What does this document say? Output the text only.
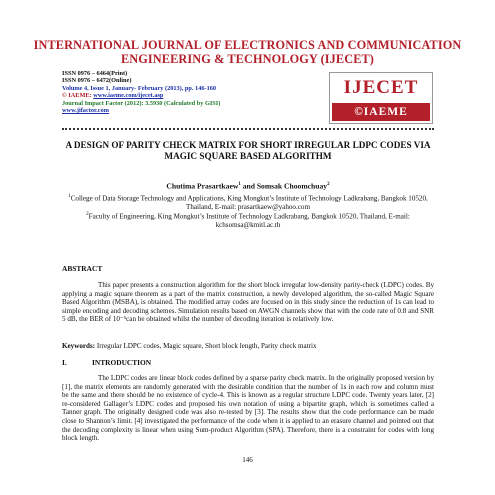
INTERNATIONAL JOURNAL OF ELECTRONICS AND COMMUNICATION ENGINEERING & TECHNOLOGY (IJECET)
ISSN 0976 – 6464(Print)
ISSN 0976 – 6472(Online)
Volume 4, Issue 1, January- February (2013), pp. 146-160
© IAEME: www.iaeme.com/ijecet.asp
Journal Impact Factor (2012): 3.5930 (Calculated by GISI)
www.jifactor.com
IJECET
©IAEME
A DESIGN OF PARITY CHECK MATRIX FOR SHORT IRREGULAR LDPC CODES VIA MAGIC SQUARE BASED ALGORITHM
Chutima Prasartkaew$^1$ and Somsak Choomchuay$^2$
$^1$College of Data Storage Technology and Applications, King Mongkut’s Institute of Technology Ladkrabang, Bangkok 10520, Thailand, E-mail: prasartkaew@yahoo.com
$^2$Faculty of Engineering, King Mongkut’s Institute of Technology Ladkrabang, Bangkok 10520, Thailand, E-mail: kchsomsa@kmitl.ac.th
ABSTRACT
This paper presents a construction algorithm for the short block irregular low-density parity-check (LDPC) codes. By applying a magic square theorem as a part of the matrix construction, a newly developed algorithm, the so-called Magic Square Based Algorithm (MSBA), is obtained. The modified array codes are focused on in this study since the reduction of 1s can lead to simple encoding and decoding schemes. Simulation results based on AWGN channels show that with the code rate of 0.8 and SNR 5 dB, the BER of 10⁻⁵can be obtained whilst the number of decoding iteration is relatively low.
Keywords: Irregular LDPC codes, Magic square, Short block length, Parity check matrix
I.	INTRODUCTION
The LDPC codes are linear block codes defined by a sparse parity check matrix. In the originally proposed version by [1], the matrix elements are randomly generated with the desirable condition that the number of 1s in each row and column must be the same and there should be no existence of cycle-4. This is known as a regular structure LDPC code. Twenty years later, [2] re-considered Gallager’s LDPC codes and proposed his own notation of using a bipartite graph, which is sometimes called a Tanner graph. The originally designed code was also re-tested by [3]. The results show that the code performance can be made close to Shannon’s limit. [4] investigated the performance of the code when it is applied to an erasure channel and pointed out that the decoding complexity is linear when using Sum-product Algorithm (SPA). Therefore, there is a constraint for codes with long block length.
146
